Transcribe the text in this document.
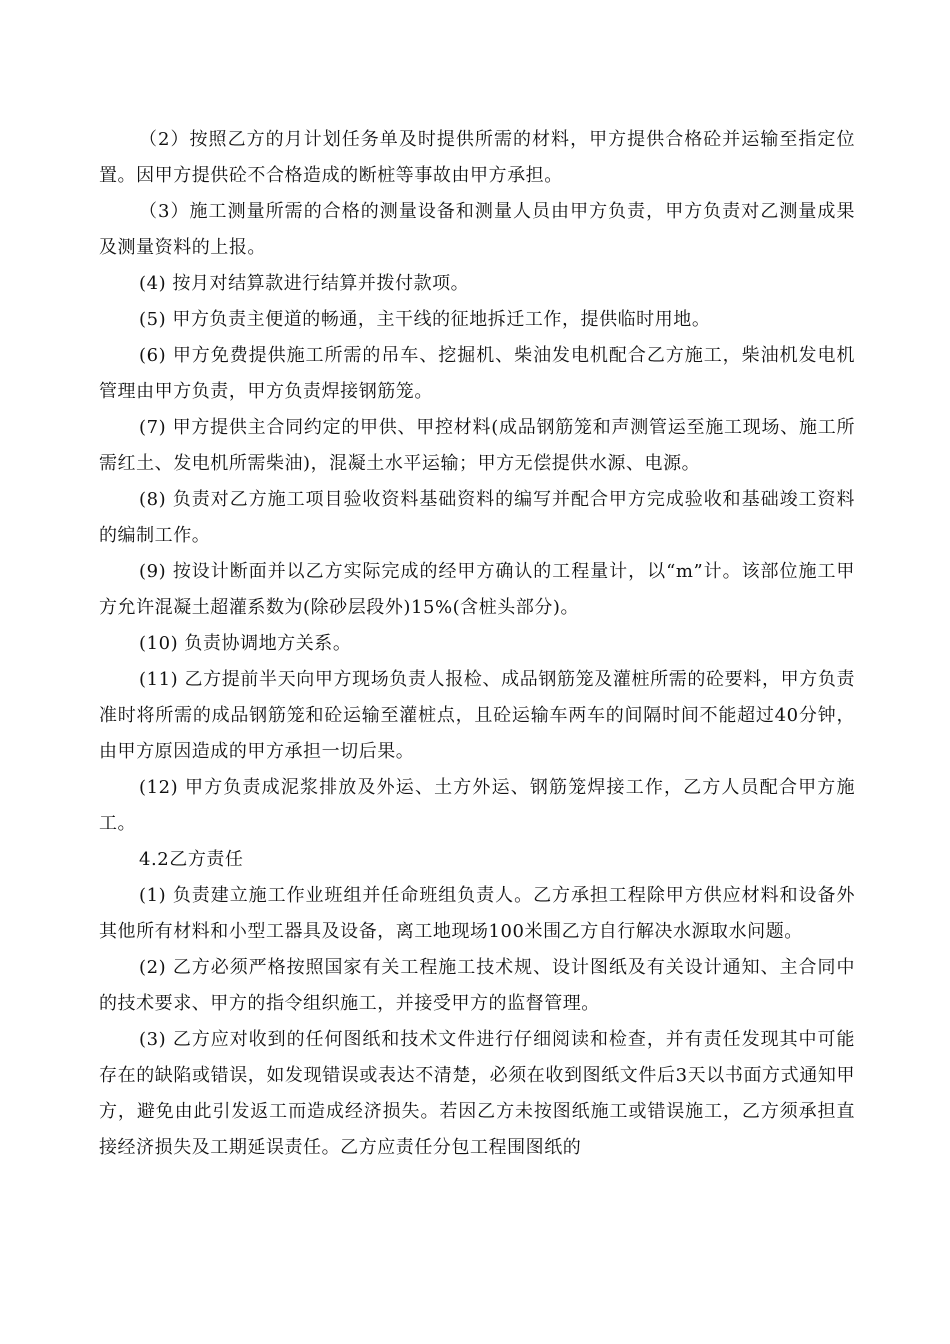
（2）按照乙方的月计划任务单及时提供所需的材料，甲方提供合格砼并运输至指定位置。因甲方提供砼不合格造成的断桩等事故由甲方承担。

（3）施工测量所需的合格的测量设备和测量人员由甲方负责，甲方负责对乙测量成果及测量资料的上报。

(4) 按月对结算款进行结算并拨付款项。

(5) 甲方负责主便道的畅通，主干线的征地拆迁工作，提供临时用地。

(6) 甲方免费提供施工所需的吊车、挖掘机、柴油发电机配合乙方施工，柴油机发电机管理由甲方负责，甲方负责焊接钢筋笼。

(7) 甲方提供主合同约定的甲供、甲控材料(成品钢筋笼和声测管运至施工现场、施工所需红土、发电机所需柴油)，混凝土水平运输；甲方无偿提供水源、电源。

(8) 负责对乙方施工项目验收资料基础资料的编写并配合甲方完成验收和基础竣工资料的编制工作。

(9) 按设计断面并以乙方实际完成的经甲方确认的工程量计，以“m”计。该部位施工甲方允许混凝土超灌系数为(除砂层段外)15%(含桩头部分)。

(10) 负责协调地方关系。

(11) 乙方提前半天向甲方现场负责人报检、成品钢筋笼及灌桩所需的砼要料，甲方负责准时将所需的成品钢筋笼和砼运输至灌桩点，且砼运输车两车的间隔时间不能超过40分钟，由甲方原因造成的甲方承担一切后果。

(12) 甲方负责成泥浆排放及外运、土方外运、钢筋笼焊接工作，乙方人员配合甲方施工。

4.2乙方责任

(1) 负责建立施工作业班组并任命班组负责人。乙方承担工程除甲方供应材料和设备外其他所有材料和小型工器具及设备，离工地现场100米围乙方自行解决水源取水问题。

(2) 乙方必须严格按照国家有关工程施工技术规、设计图纸及有关设计通知、主合同中的技术要求、甲方的指令组织施工，并接受甲方的监督管理。

(3) 乙方应对收到的任何图纸和技术文件进行仔细阅读和检查，并有责任发现其中可能存在的缺陷或错误，如发现错误或表达不清楚，必须在收到图纸文件后3天以书面方式通知甲方，避免由此引发返工而造成经济损失。若因乙方未按图纸施工或错误施工，乙方须承担直接经济损失及工期延误责任。乙方应责任分包工程围图纸的
